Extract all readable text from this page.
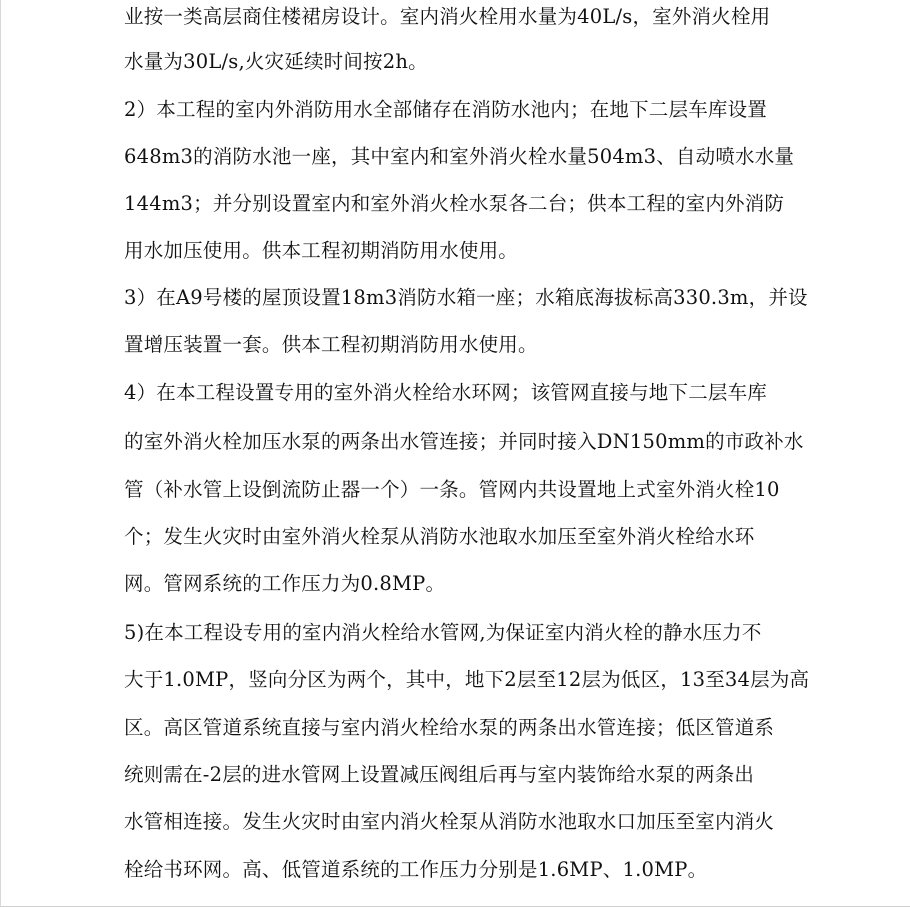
业按一类高层商住楼裙房设计。室内消火栓用水量为40L/s，室外消火栓用
水量为30L/s,火灾延续时间按2h。
2）本工程的室内外消防用水全部储存在消防水池内；在地下二层车库设置
648m3的消防水池一座，其中室内和室外消火栓水量504m3、自动喷水水量
144m3；并分别设置室内和室外消火栓水泵各二台；供本工程的室内外消防
用水加压使用。供本工程初期消防用水使用。
3）在A9号楼的屋顶设置18m3消防水箱一座；水箱底海拔标高330.3m，并设
置增压装置一套。供本工程初期消防用水使用。
4）在本工程设置专用的室外消火栓给水环网；该管网直接与地下二层车库
的室外消火栓加压水泵的两条出水管连接；并同时接入DN150mm的市政补水
管（补水管上设倒流防止器一个）一条。管网内共设置地上式室外消火栓10
个；发生火灾时由室外消火栓泵从消防水池取水加压至室外消火栓给水环
网。管网系统的工作压力为0.8MP。
5)在本工程设专用的室内消火栓给水管网,为保证室内消火栓的静水压力不
大于1.0MP，竖向分区为两个，其中，地下2层至12层为低区，13至34层为高
区。高区管道系统直接与室内消火栓给水泵的两条出水管连接；低区管道系
统则需在-2层的进水管网上设置减压阀组后再与室内装饰给水泵的两条出
水管相连接。发生火灾时由室内消火栓泵从消防水池取水口加压至室内消火
栓给书环网。高、低管道系统的工作压力分别是1.6MP、1.0MP。
